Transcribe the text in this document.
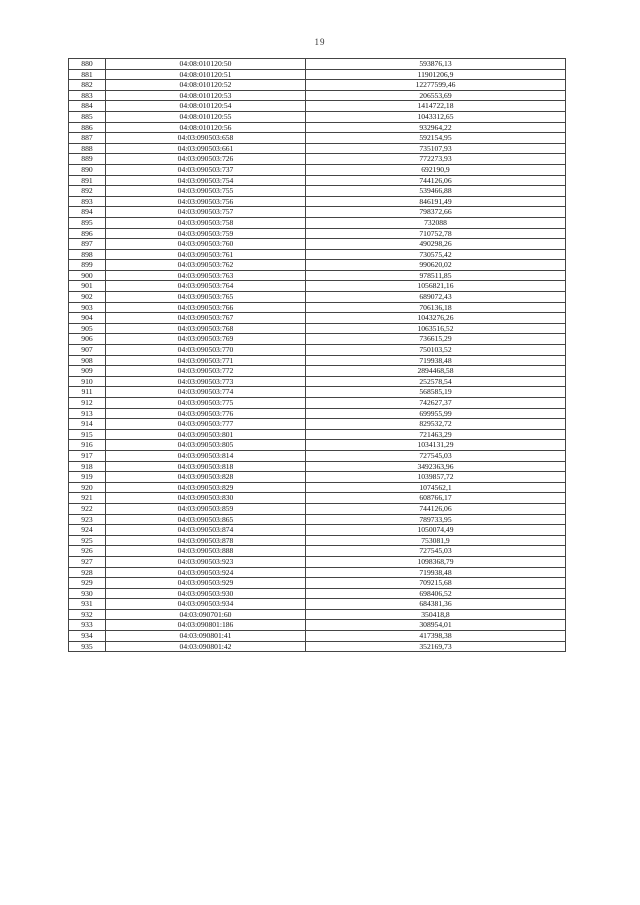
19
880	04:08:010120:50	593876,13
881	04:08:010120:51	11901206,9
882	04:08:010120:52	12277599,46
883	04:08:010120:53	206553,69
884	04:08:010120:54	1414722,18
885	04:08:010120:55	1043312,65
886	04:08:010120:56	932964,22
887	04:03:090503:658	592154,95
888	04:03:090503:661	735107,93
889	04:03:090503:726	772273,93
890	04:03:090503:737	692190,9
891	04:03:090503:754	744126,06
892	04:03:090503:755	539466,88
893	04:03:090503:756	846191,49
894	04:03:090503:757	798372,66
895	04:03:090503:758	732088
896	04:03:090503:759	710752,78
897	04:03:090503:760	490298,26
898	04:03:090503:761	730575,42
899	04:03:090503:762	990620,02
900	04:03:090503:763	978511,85
901	04:03:090503:764	1056821,16
902	04:03:090503:765	689072,43
903	04:03:090503:766	706136,18
904	04:03:090503:767	1043276,26
905	04:03:090503:768	1063516,52
906	04:03:090503:769	736615,29
907	04:03:090503:770	750103,52
908	04:03:090503:771	719938,48
909	04:03:090503:772	2894468,58
910	04:03:090503:773	252578,54
911	04:03:090503:774	568585,19
912	04:03:090503:775	742627,37
913	04:03:090503:776	699955,99
914	04:03:090503:777	829532,72
915	04:03:090503:801	721463,29
916	04:03:090503:805	1034131,29
917	04:03:090503:814	727545,03
918	04:03:090503:818	3492363,96
919	04:03:090503:828	1039857,72
920	04:03:090503:829	1074562,1
921	04:03:090503:830	608766,17
922	04:03:090503:859	744126,06
923	04:03:090503:865	789733,95
924	04:03:090503:874	1050074,49
925	04:03:090503:878	753081,9
926	04:03:090503:888	727545,03
927	04:03:090503:923	1098368,79
928	04:03:090503:924	719938,48
929	04:03:090503:929	709215,68
930	04:03:090503:930	698406,52
931	04:03:090503:934	684381,36
932	04:03:090701:60	350418,8
933	04:03:090801:186	308954,01
934	04:03:090801:41	417398,38
935	04:03:090801:42	352169,73
